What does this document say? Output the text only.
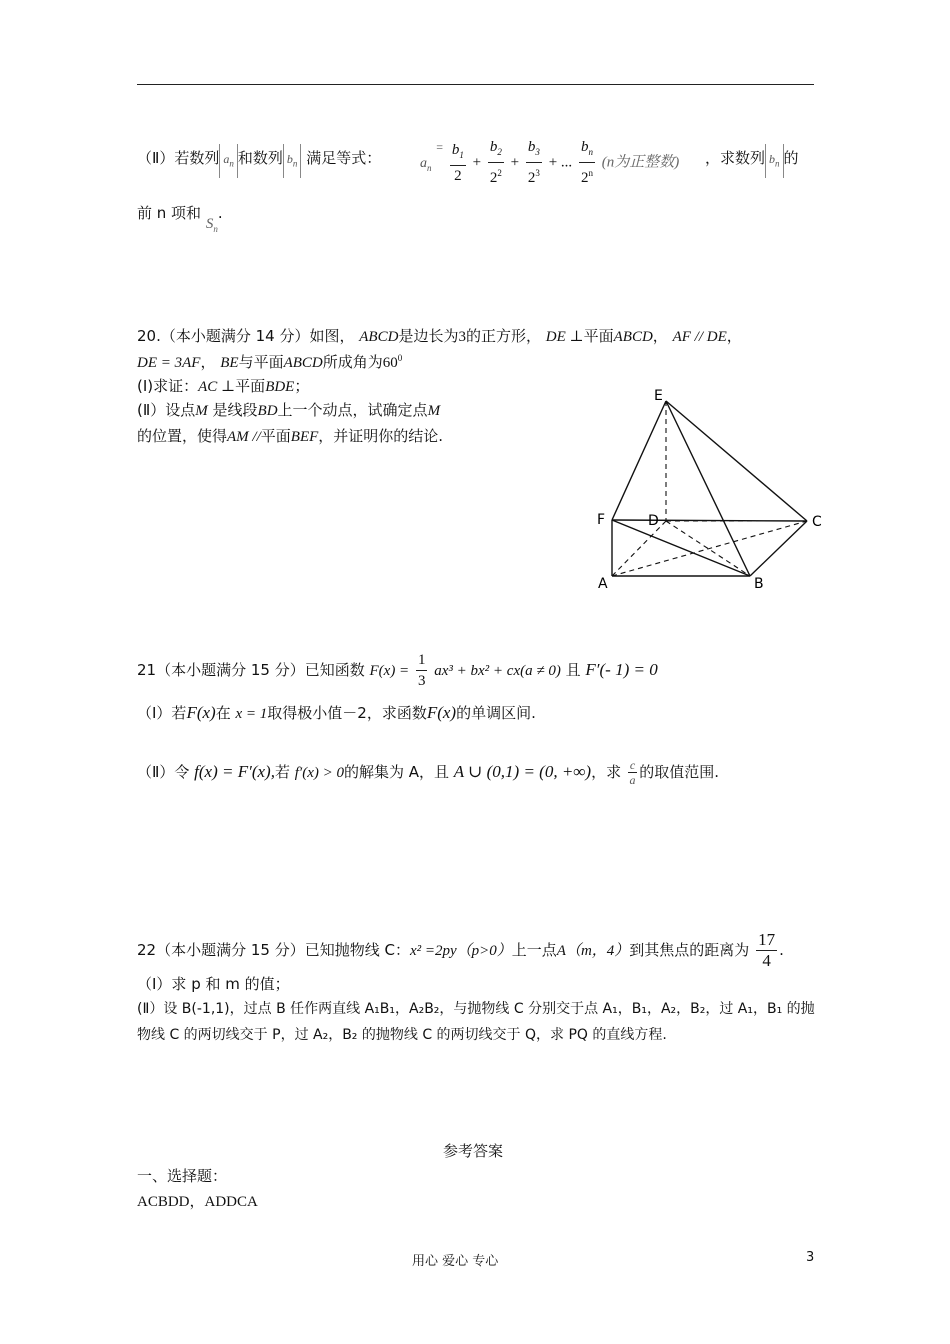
（Ⅱ）若数列 $a_n$ 和数列 $b_n$ 满足等式：	$a_n$ $^= \frac{b_1}{2} + \frac{b_2}{2^2} + \frac{b_3}{2^3}$ + ... $\frac{b_n}{2^n} (n$为正整数) ，求数列 $b_n$ 的
前 n 项和 $S_n$.
20.（本小题满分 14 分）如图， ABCD是边长为3的正方形， DE ⊥平面ABCD， AF // DE，
DE = 3AF， BE与平面ABCD所成角为$60^0$
(Ⅰ)求证：AC ⊥平面BDE；
(Ⅱ）设点M 是线段BD上一个动点，试确定点M
的位置，使得AM //平面BEF，并证明你的结论.
E
F	D	C
A	B
21（本小题满分 15 分）已知函数 $F(x) = \frac{1}{3} ax^3 + bx^2 + cx(a \ne 0)$ 且 F′(- 1) = 0
（Ⅰ）若F(x)在 x = 1取得极小值－2，求函数F(x)的单调区间.
（Ⅱ）令 f(x) = F′(x),若 f′(x) > 0的解集为 A，且 A ∪ (0,1) = (0, +∞)，求 $\frac{c}{a}$ 的取值范围.
22（本小题满分 15 分）已知抛物线 C：x² =2py（p>0）上一点A（m，4）到其焦点的距离为 $\frac{17}{4}$ .
（Ⅰ）求 p 和 m 的值；
(Ⅱ）设 B(-1,1)，过点 B 任作两直线 A₁B₁，A₂B₂，与抛物线 C 分别交于点 A₁，B₁，A₂，B₂，过 A₁，B₁ 的抛
物线 C 的两切线交于 P，过 A₂，B₂ 的抛物线 C 的两切线交于 Q，求 PQ 的直线方程.
参考答案
一、选择题：
ACBDD，ADDCA
用心 爱心 专心	3
